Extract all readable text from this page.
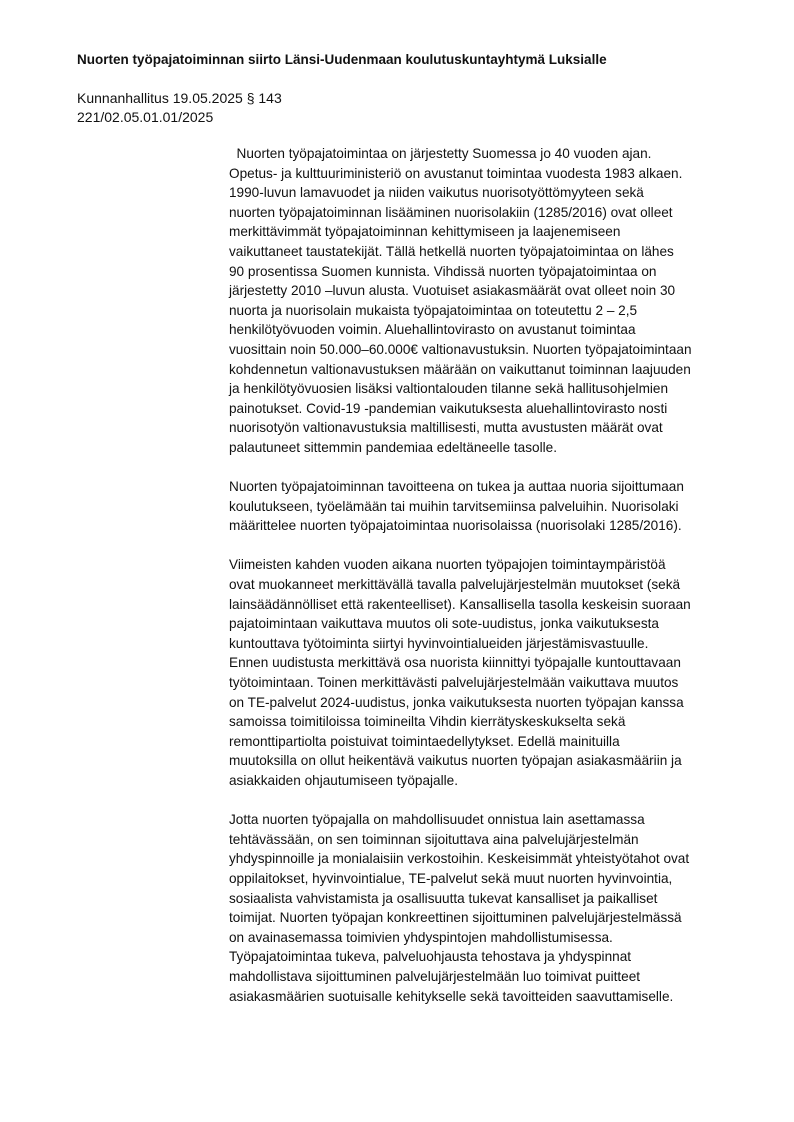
Nuorten työpajatoiminnan siirto Länsi-Uudenmaan koulutuskuntayhtymä Luksialle
Kunnanhallitus 19.05.2025 § 143
221/02.05.01.01/2025
Nuorten työpajatoimintaa on järjestetty Suomessa jo 40 vuoden ajan.
Opetus- ja kulttuuriministeriö on avustanut toimintaa vuodesta 1983 alkaen.
1990-luvun lamavuodet ja niiden vaikutus nuorisotyöttömyyteen sekä
nuorten työpajatoiminnan lisääminen nuorisolakiin (1285/2016) ovat olleet
merkittävimmät työpajatoiminnan kehittymiseen ja laajenemiseen
vaikuttaneet taustatekijät. Tällä hetkellä nuorten työpajatoimintaa on lähes
90 prosentissa Suomen kunnista. Vihdissä nuorten työpajatoimintaa on
järjestetty 2010 –luvun alusta. Vuotuiset asiakasmäärät ovat olleet noin 30
nuorta ja nuorisolain mukaista työpajatoimintaa on toteutettu 2 – 2,5
henkilötyövuoden voimin. Aluehallintovirasto on avustanut toimintaa
vuosittain noin 50.000–60.000€ valtionavustuksin. Nuorten työpajatoimintaan
kohdennetun valtionavustuksen määrään on vaikuttanut toiminnan laajuuden
ja henkilötyövuosien lisäksi valtiontalouden tilanne sekä hallitusohjelmien
painotukset. Covid-19 -pandemian vaikutuksesta aluehallintovirasto nosti
nuorisotyön valtionavustuksia maltillisesti, mutta avustusten määrät ovat
palautuneet sittemmin pandemiaa edeltäneelle tasolle.
Nuorten työpajatoiminnan tavoitteena on tukea ja auttaa nuoria sijoittumaan
koulutukseen, työelämään tai muihin tarvitsemiinsa palveluihin. Nuorisolaki
määrittelee nuorten työpajatoimintaa nuorisolaissa (nuorisolaki 1285/2016).
Viimeisten kahden vuoden aikana nuorten työpajojen toimintaympäristöä
ovat muokanneet merkittävällä tavalla palvelujärjestelmän muutokset (sekä
lainsäädännölliset että rakenteelliset). Kansallisella tasolla keskeisin suoraan
pajatoimintaan vaikuttava muutos oli sote-uudistus, jonka vaikutuksesta
kuntouttava työtoiminta siirtyi hyvinvointialueiden järjestämisvastuulle.
Ennen uudistusta merkittävä osa nuorista kiinnittyi työpajalle kuntouttavaan
työtoimintaan. Toinen merkittävästi palvelujärjestelmään vaikuttava muutos
on TE-palvelut 2024-uudistus, jonka vaikutuksesta nuorten työpajan kanssa
samoissa toimitiloissa toimineilta Vihdin kierrätyskeskukselta sekä
remonttipartiolta poistuivat toimintaedellytykset. Edellä mainituilla
muutoksilla on ollut heikentävä vaikutus nuorten työpajan asiakasmääriin ja
asiakkaiden ohjautumiseen työpajalle.
Jotta nuorten työpajalla on mahdollisuudet onnistua lain asettamassa
tehtävässään, on sen toiminnan sijoituttava aina palvelujärjestelmän
yhdyspinnoille ja monialaisiin verkostoihin. Keskeisimmät yhteistyötahot ovat
oppilaitokset, hyvinvointialue, TE-palvelut sekä muut nuorten hyvinvointia,
sosiaalista vahvistamista ja osallisuutta tukevat kansalliset ja paikalliset
toimijat. Nuorten työpajan konkreettinen sijoittuminen palvelujärjestelmässä
on avainasemassa toimivien yhdyspintojen mahdollistumisessa.
Työpajatoimintaa tukeva, palveluohjausta tehostava ja yhdyspinnat
mahdollistava sijoittuminen palvelujärjestelmään luo toimivat puitteet
asiakasmäärien suotuisalle kehitykselle sekä tavoitteiden saavuttamiselle.
